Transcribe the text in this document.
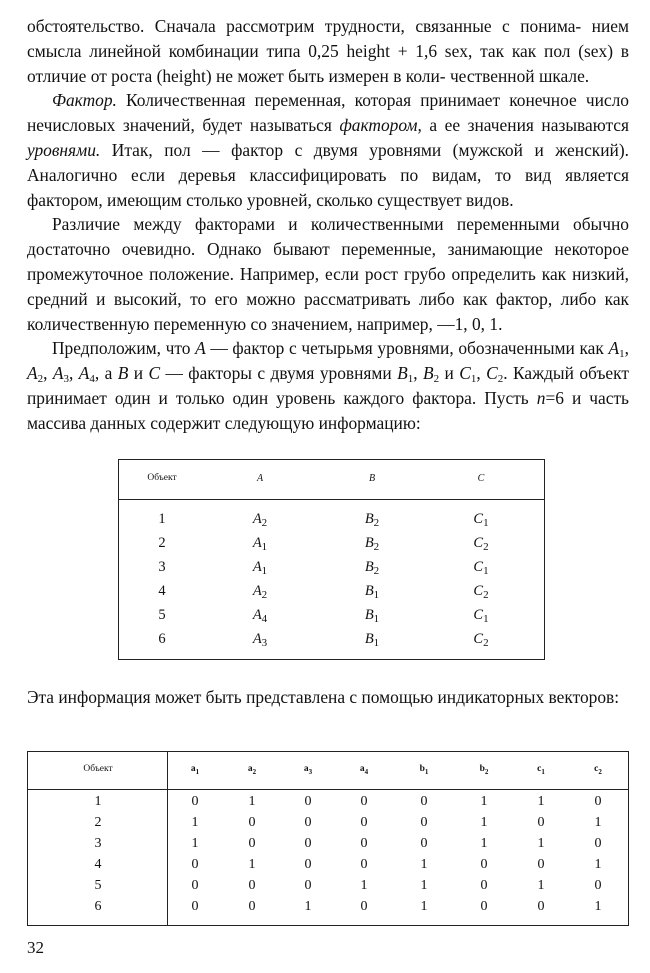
обстоятельство. Сначала рассмотрим трудности, связанные с понима- нием смысла линейной комбинации типа 0,25 height + 1,6 sex, так как пол (sex) в отличие от роста (height) не может быть измерен в коли- чественной шкале.

Фактор. Количественная переменная, которая принимает конечное число нечисловых значений, будет называться фактором, а ее значения называются уровнями. Итак, пол — фактор с двумя уровнями (мужской и женский). Аналогично если деревья классифицировать по видам, то вид является фактором, имеющим столько уровней, сколько существует видов.

Различие между факторами и количественными переменными обычно достаточно очевидно. Однако бывают переменные, занимающие некоторое промежуточное положение. Например, если рост грубо определить как низкий, средний и высокий, то его можно рассматривать либо как фактор, либо как количественную переменную со значением, например, —1, 0, 1.

Предположим, что A — фактор с четырьмя уровнями, обозначенными как $A_1$, $A_2$, $A_3$, $A_4$, а B и C — факторы с двумя уровнями $B_1$, $B_2$ и $C_1$, $C_2$. Каждый объект принимает один и только один уровень каждого фактора. Пусть n=6 и часть массива данных содержит следующую информацию:

Объект	A	B	C
1	$A_2$	$B_2$	$C_1$
2	$A_1$	$B_2$	$C_2$
3	$A_1$	$B_2$	$C_1$
4	$A_2$	$B_1$	$C_2$
5	$A_4$	$B_1$	$C_1$
6	$A_3$	$B_1$	$C_2$

Эта информация может быть представлена с помощью индикаторных векторов:

Объект	$a_1$	$a_2$	$a_3$	$a_4$	$b_1$	$b_2$	$c_1$	$c_2$
1	0	1	0	0	0	1	1	0
2	1	0	0	0	0	1	0	1
3	1	0	0	0	0	1	1	0
4	0	1	0	0	1	0	0	1
5	0	0	0	1	1	0	1	0
6	0	0	1	0	1	0	0	1
32
